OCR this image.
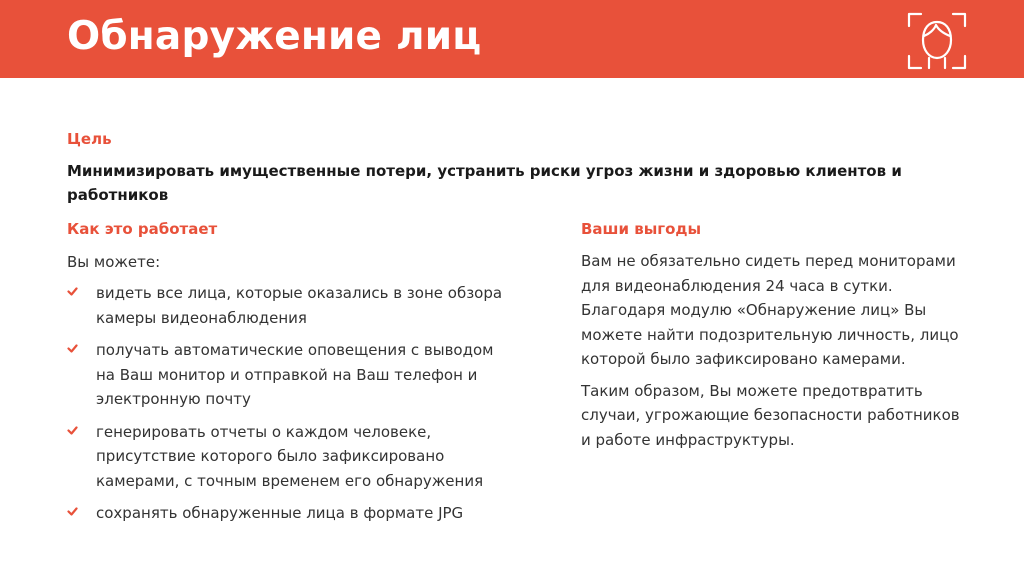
Обнаружение лиц
Цель
Минимизировать имущественные потери, устранить риски угроз жизни и здоровью клиентов и работников
Как это работает
Вы можете:
видеть все лица, которые оказались в зоне обзора камеры видеонаблюдения
получать автоматические оповещения с выводом на Ваш монитор и отправкой на Ваш телефон и электронную почту
генерировать отчеты о каждом человеке, присутствие которого было зафиксировано камерами, с точным временем его обнаружения
сохранять обнаруженные лица в формате JPG
Ваши выгоды

Вам не обязательно сидеть перед мониторами для видеонаблюдения 24 часа в сутки. Благодаря модулю «Обнаружение лиц» Вы можете найти подозрительную личность, лицо которой было зафиксировано камерами.

Таким образом, Вы можете предотвратить случаи, угрожающие безопасности работников и работе инфраструктуры.
